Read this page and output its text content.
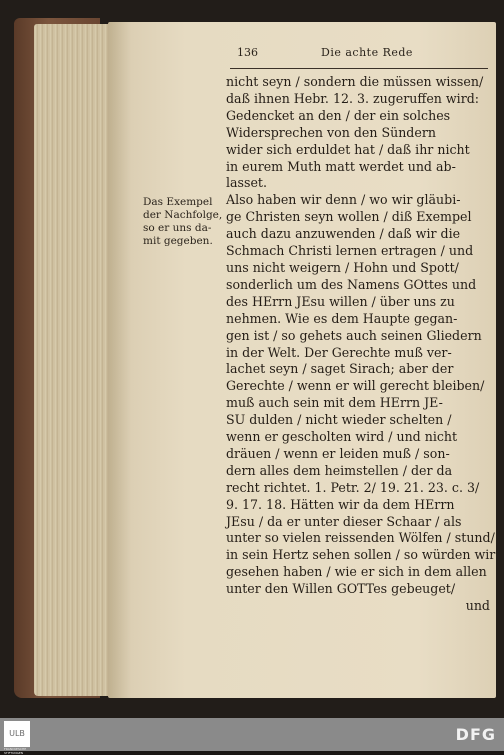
136	Die achte Rede
Das Exempel
der Nachfolge,
so er uns da-
mit gegeben.
nicht seyn / sondern die müssen wissen/
daß ihnen Hebr. 12. 3. zugeruffen wird:
Gedencket an den / der ein solches
Widersprechen von den Sündern
wider sich erduldet hat / daß ihr nicht
in eurem Muth matt werdet und ab-
lasset.
Also haben wir denn / wo wir gläubi-
ge Christen seyn wollen / diß Exempel
auch dazu anzuwenden / daß wir die
Schmach Christi lernen ertragen / und
uns nicht weigern / Hohn und Spott/
sonderlich um des Namens GOttes und
des HErrn JEsu willen / über uns zu
nehmen. Wie es dem Haupte gegan-
gen ist / so gehets auch seinen Gliedern
in der Welt. Der Gerechte muß ver-
lachet seyn / saget Sirach; aber der
Gerechte / wenn er will gerecht bleiben/
muß auch sein mit dem HErrn JE-
SU dulden / nicht wieder schelten /
wenn er gescholten wird / und nicht
dräuen / wenn er leiden muß / son-
dern alles dem heimstellen / der da
recht richtet. 1. Petr. 2/ 19. 21. 23. c. 3/
9. 17. 18. Hätten wir da dem HErrn
JEsu / da er unter dieser Schaar / als
unter so vielen reissenden Wölfen / stund/
in sein Hertz sehen sollen / so würden wir
gesehen haben / wie er sich in dem allen
unter den Willen GOTTes gebeuget/
und
ULB
FRANCKESCHE STIFTUNGEN
DFG
